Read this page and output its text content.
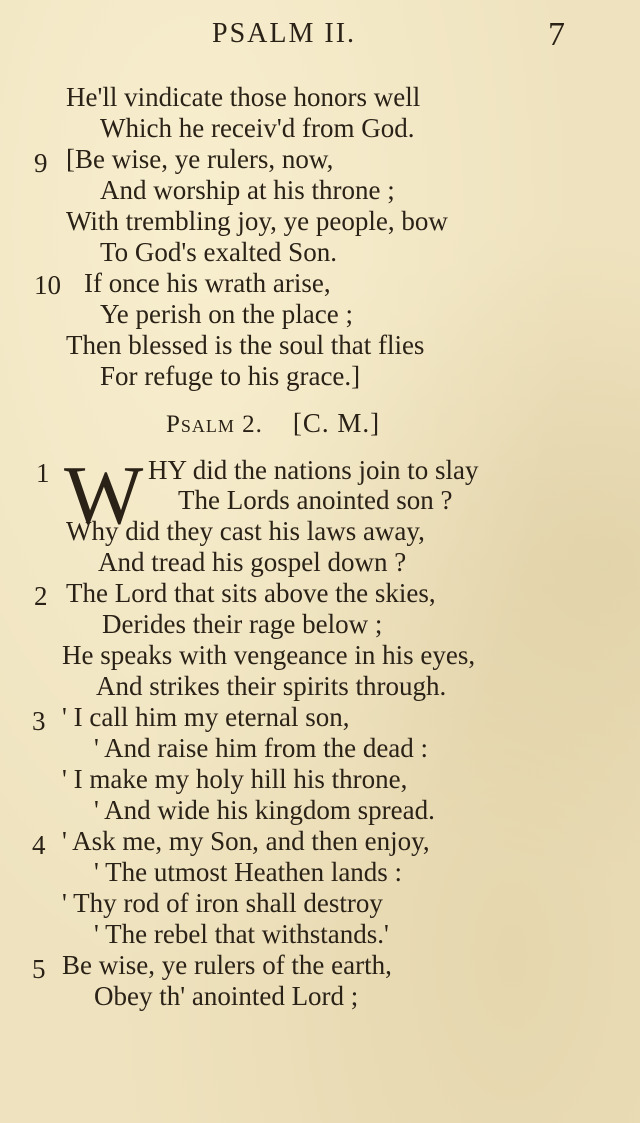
PSALM II.	7
He'll vindicate those honors well
Which he receiv'd from God.
9 [Be wise, ye rulers, now,
And worship at his throne ;
With trembling joy, ye people, bow
To God's exalted Son.
10 If once his wrath arise,
Ye perish on the place ;
Then blessed is the soul that flies
For refuge to his grace.]
Psalm 2. [C. M.]
1 W HY did the nations join to slay
The Lords anointed son ?
Why did they cast his laws away,
And tread his gospel down ?
2 The Lord that sits above the skies,
Derides their rage below ;
He speaks with vengeance in his eyes,
And strikes their spirits through.
3 ' I call him my eternal son,
' And raise him from the dead :
' I make my holy hill his throne,
' And wide his kingdom spread.
4 ' Ask me, my Son, and then enjoy,
' The utmost Heathen lands :
' Thy rod of iron shall destroy
' The rebel that withstands.'
5 Be wise, ye rulers of the earth,
Obey th' anointed Lord ;
